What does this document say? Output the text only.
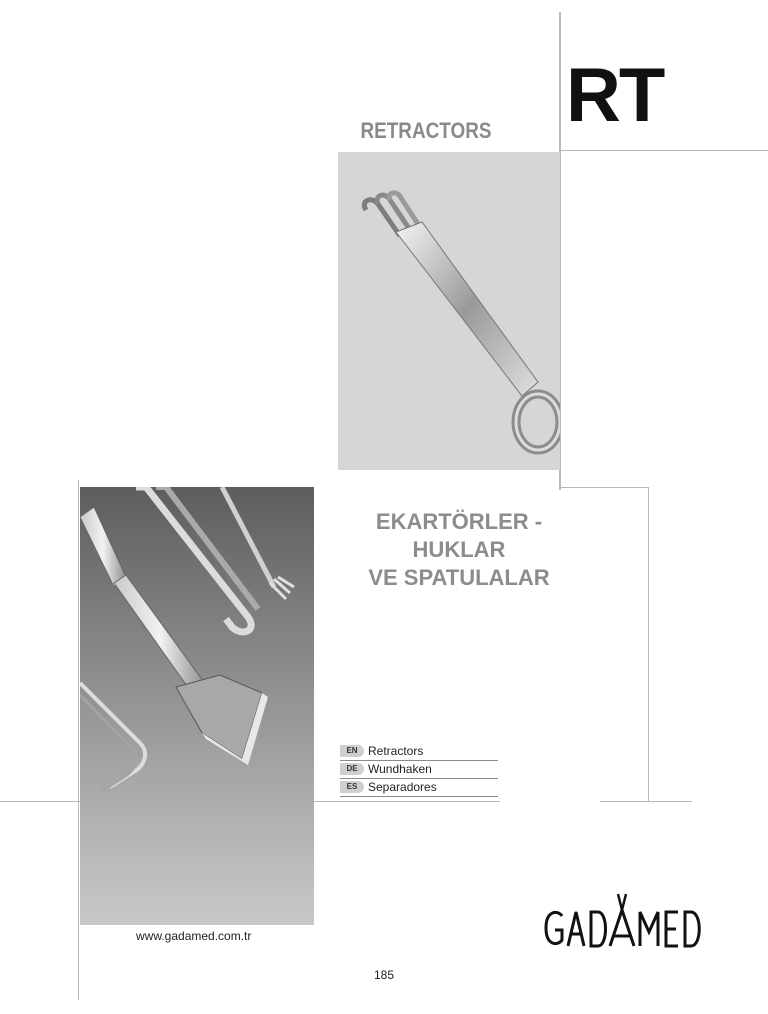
RT
RETRACTORS
EKARTÖRLER - HUKLAR
VE SPATULALAR
EN Retractors
DE Wundhaken
ES Separadores
www.gadamed.com.tr
185
